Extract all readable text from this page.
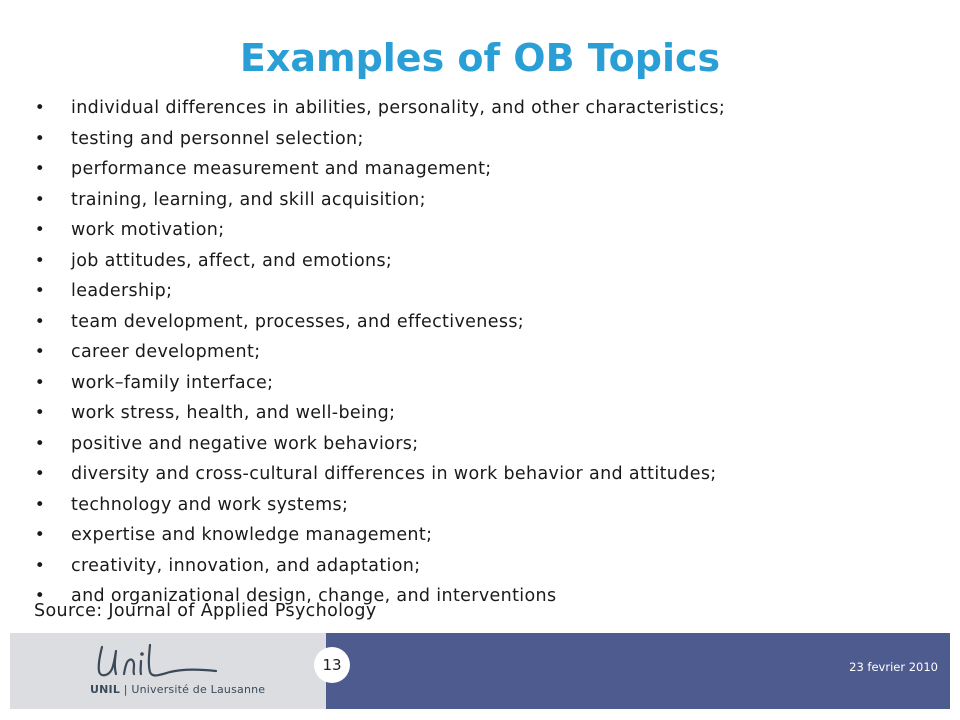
Examples of OB Topics
• individual differences in abilities, personality, and other characteristics;
• testing and personnel selection;
• performance measurement and management;
• training, learning, and skill acquisition;
• work motivation;
• job attitudes, affect, and emotions;
• leadership;
• team development, processes, and effectiveness;
• career development;
• work–family interface;
• work stress, health, and well-being;
• positive and negative work behaviors;
• diversity and cross-cultural differences in work behavior and attitudes;
• technology and work systems;
• expertise and knowledge management;
• creativity, innovation, and adaptation;
• and organizational design, change, and interventions
Source: Journal of Applied Psychology
UNIL | Université de Lausanne
23 fevrier 2010
13
